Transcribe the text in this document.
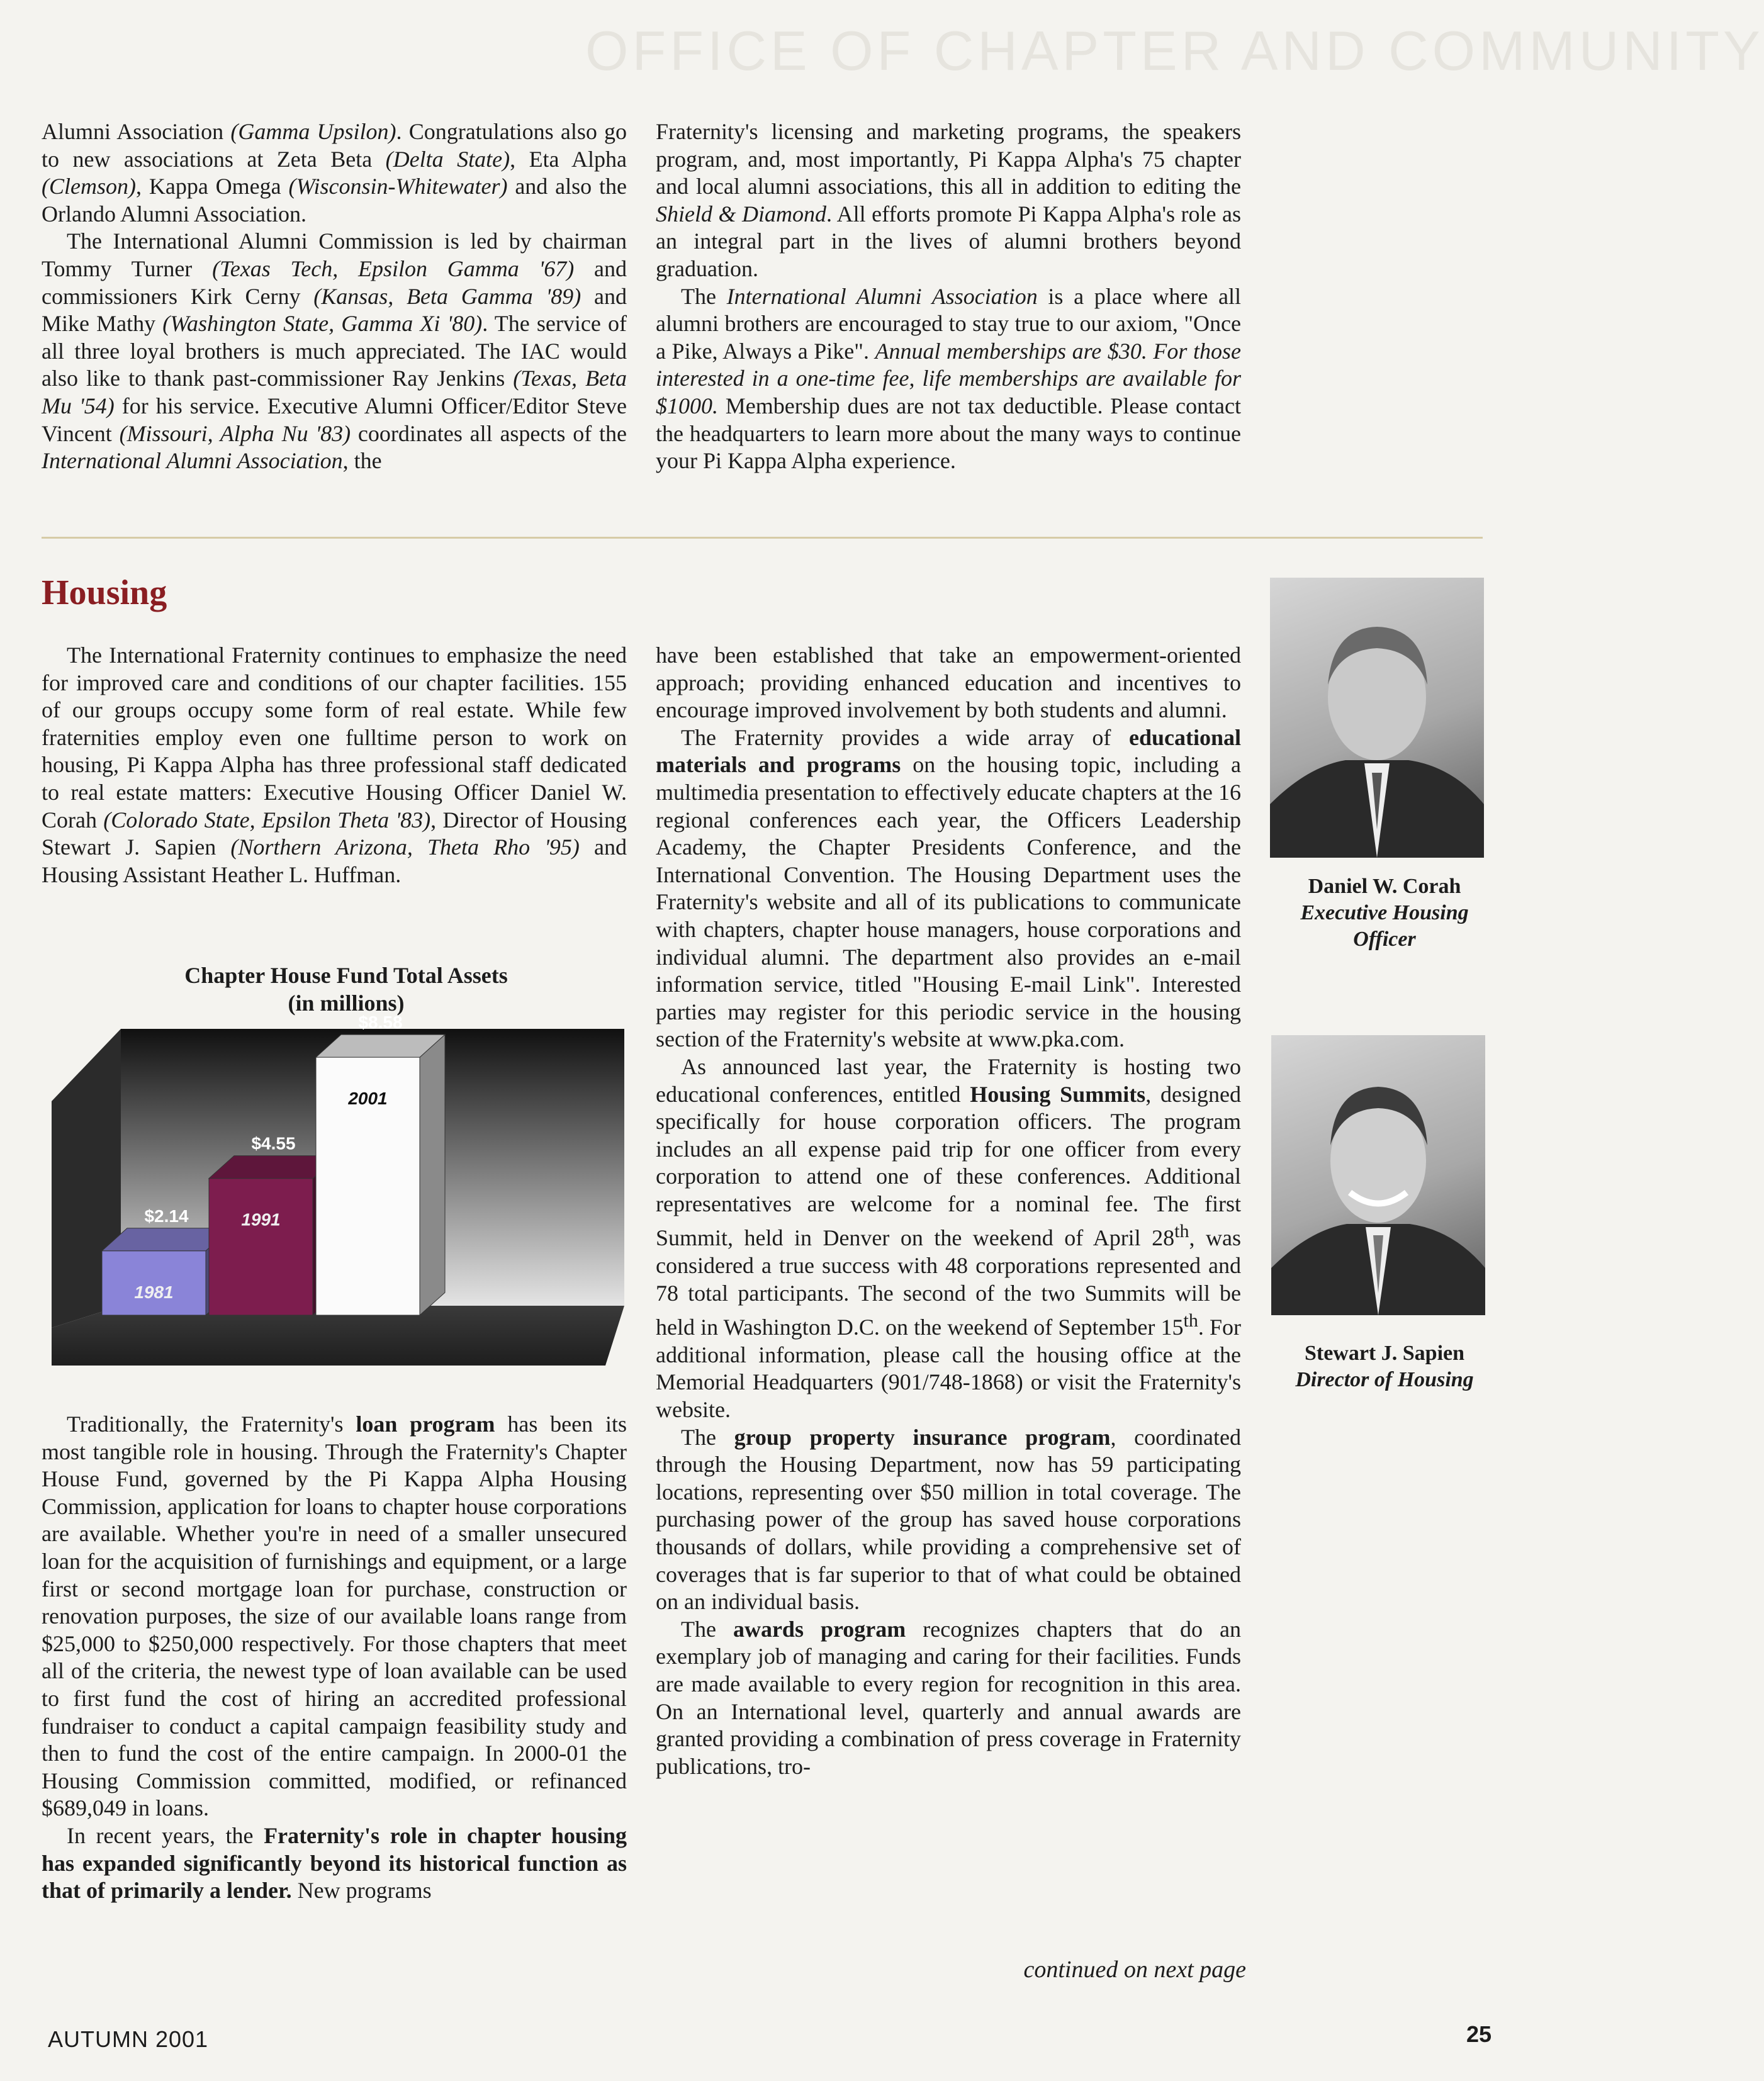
OFFICE OF CHAPTER AND COMMUNITY

Alumni Association (Gamma Upsilon). Congratulations also go to new associations at Zeta Beta (Delta State), Eta Alpha (Clemson), Kappa Omega (Wisconsin-Whitewater) and also the Orlando Alumni Association.

The International Alumni Commission is led by chairman Tommy Turner (Texas Tech, Epsilon Gamma '67) and commissioners Kirk Cerny (Kansas, Beta Gamma '89) and Mike Mathy (Washington State, Gamma Xi '80). The service of all three loyal brothers is much appreciated. The IAC would also like to thank past-commissioner Ray Jenkins (Texas, Beta Mu '54) for his service. Executive Alumni Officer/Editor Steve Vincent (Missouri, Alpha Nu '83) coordinates all aspects of the International Alumni Association, the

Fraternity's licensing and marketing programs, the speakers program, and, most importantly, Pi Kappa Alpha's 75 chapter and local alumni associations, this all in addition to editing the Shield & Diamond. All efforts promote Pi Kappa Alpha's role as an integral part in the lives of alumni brothers beyond graduation.

The International Alumni Association is a place where all alumni brothers are encouraged to stay true to our axiom, "Once a Pike, Always a Pike". Annual memberships are $30. For those interested in a one-time fee, life memberships are available for $1000. Membership dues are not tax deductible. Please contact the headquarters to learn more about the many ways to continue your Pi Kappa Alpha experience.

Housing

The International Fraternity continues to emphasize the need for improved care and conditions of our chapter facilities. 155 of our groups occupy some form of real estate. While few fraternities employ even one fulltime person to work on housing, Pi Kappa Alpha has three professional staff dedicated to real estate matters: Executive Housing Officer Daniel W. Corah (Colorado State, Epsilon Theta '83), Director of Housing Stewart J. Sapien (Northern Arizona, Theta Rho '95) and Housing Assistant Heather L. Huffman.

Chapter House Fund Total Assets
(in millions)
$2.14
1981
$4.55
1991
$8.58
2001

Traditionally, the Fraternity's loan program has been its most tangible role in housing. Through the Fraternity's Chapter House Fund, governed by the Pi Kappa Alpha Housing Commission, application for loans to chapter house corporations are available. Whether you're in need of a smaller unsecured loan for the acquisition of furnishings and equipment, or a large first or second mortgage loan for purchase, construction or renovation purposes, the size of our available loans range from $25,000 to $250,000 respectively. For those chapters that meet all of the criteria, the newest type of loan available can be used to first fund the cost of hiring an accredited professional fundraiser to conduct a capital campaign feasibility study and then to fund the cost of the entire campaign. In 2000-01 the Housing Commission committed, modified, or refinanced $689,049 in loans.

In recent years, the Fraternity's role in chapter housing has expanded significantly beyond its historical function as that of primarily a lender. New programs

have been established that take an empowerment-oriented approach; providing enhanced education and incentives to encourage improved involvement by both students and alumni.

The Fraternity provides a wide array of educational materials and programs on the housing topic, including a multimedia presentation to effectively educate chapters at the 16 regional conferences each year, the Officers Leadership Academy, the Chapter Presidents Conference, and the International Convention. The Housing Department uses the Fraternity's website and all of its publications to communicate with chapters, chapter house managers, house corporations and individual alumni. The department also provides an e-mail information service, titled "Housing E-mail Link". Interested parties may register for this periodic service in the housing section of the Fraternity's website at www.pka.com.

As announced last year, the Fraternity is hosting two educational conferences, entitled Housing Summits, designed specifically for house corporation officers. The program includes an all expense paid trip for one officer from every corporation to attend one of these conferences. Additional representatives are welcome for a nominal fee. The first Summit, held in Denver on the weekend of April 28th, was considered a true success with 48 corporations represented and 78 total participants. The second of the two Summits will be held in Washington D.C. on the weekend of September 15th. For additional information, please call the housing office at the Memorial Headquarters (901/748-1868) or visit the Fraternity's website.

The group property insurance program, coordinated through the Housing Department, now has 59 participating locations, representing over $50 million in total coverage. The purchasing power of the group has saved house corporations thousands of dollars, while providing a comprehensive set of coverages that is far superior to that of what could be obtained on an individual basis.

The awards program recognizes chapters that do an exemplary job of managing and caring for their facilities. Funds are made available to every region for recognition in this area. On an International level, quarterly and annual awards are granted providing a combination of press coverage in Fraternity publications, tro-

Daniel W. Corah
Executive Housing Officer
Stewart J. Sapien
Director of Housing
continued on next page
AUTUMN 2001	25
